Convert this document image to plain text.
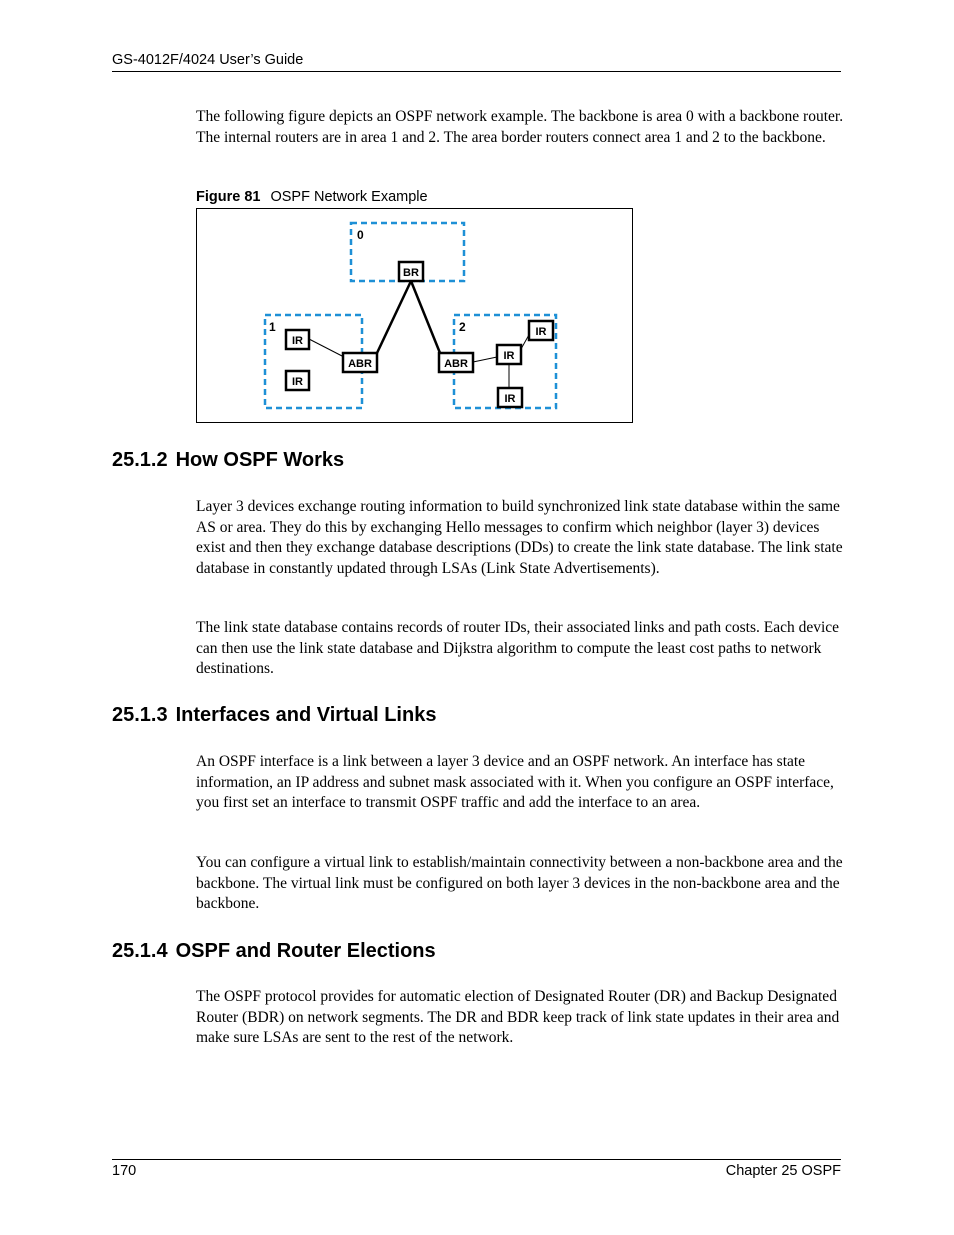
GS-4012F/4024 User’s Guide

The following figure depicts an OSPF network example. The backbone is area 0 with a backbone router. The internal routers are in area 1 and 2. The area border routers connect area 1 and 2 to the backbone.

Figure 81 OSPF Network Example
0
1	2
BR
ABR	ABR
IR
IR
IR
IR
IR
25.1.2 How OSPF Works

Layer 3 devices exchange routing information to build synchronized link state database within the same AS or area. They do this by exchanging Hello messages to confirm which neighbor (layer 3) devices exist and then they exchange database descriptions (DDs) to create the link state database. The link state database in constantly updated through LSAs (Link State Advertisements).

The link state database contains records of router IDs, their associated links and path costs. Each device can then use the link state database and Dijkstra algorithm to compute the least cost paths to network destinations.

25.1.3 Interfaces and Virtual Links

An OSPF interface is a link between a layer 3 device and an OSPF network. An interface has state information, an IP address and subnet mask associated with it. When you configure an OSPF interface, you first set an interface to transmit OSPF traffic and add the interface to an area.

You can configure a virtual link to establish/maintain connectivity between a non-backbone area and the backbone. The virtual link must be configured on both layer 3 devices in the non-backbone area and the backbone.

25.1.4 OSPF and Router Elections

The OSPF protocol provides for automatic election of Designated Router (DR) and Backup Designated Router (BDR) on network segments. The DR and BDR keep track of link state updates in their area and make sure LSAs are sent to the rest of the network.

170	Chapter 25 OSPF
